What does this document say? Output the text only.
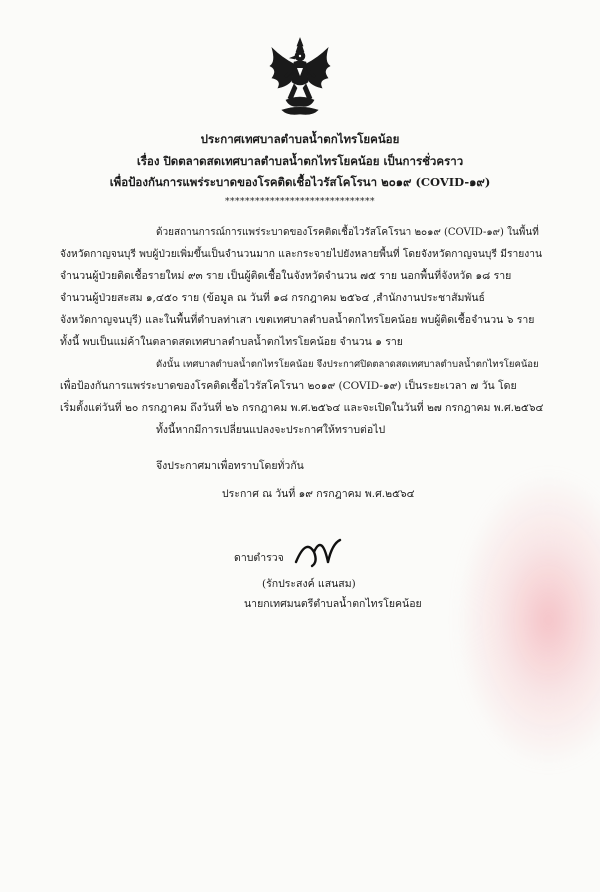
ประกาศเทศบาลตำบลน้ำตกไทรโยคน้อย
เรื่อง ปิดตลาดสดเทศบาลตำบลน้ำตกไทรโยคน้อย เป็นการชั่วคราว
เพื่อป้องกันการแพร่ระบาดของโรคติดเชื้อไวรัสโคโรนา ๒๐๑๙ (COVID-๑๙)
******************************
ด้วยสถานการณ์การแพร่ระบาดของโรคติดเชื้อไวรัสโคโรนา ๒๐๑๙ (COVID-๑๙) ในพื้นที่
จังหวัดกาญจนบุรี พบผู้ป่วยเพิ่มขึ้นเป็นจำนวนมาก และกระจายไปยังหลายพื้นที่ โดยจังหวัดกาญจนบุรี มีรายงาน
จำนวนผู้ป่วยติดเชื้อรายใหม่ ๙๓ ราย เป็นผู้ติดเชื้อในจังหวัดจำนวน ๗๕ ราย นอกพื้นที่จังหวัด ๑๘ ราย
จำนวนผู้ป่วยสะสม ๑,๔๕๐ ราย (ข้อมูล ณ วันที่ ๑๘ กรกฎาคม ๒๕๖๔ ,สำนักงานประชาสัมพันธ์
จังหวัดกาญจนบุรี) และในพื้นที่ตำบลท่าเสา เขตเทศบาลตำบลน้ำตกไทรโยคน้อย พบผู้ติดเชื้อจำนวน ๖ ราย
ทั้งนี้ พบเป็นแม่ค้าในตลาดสดเทศบาลตำบลน้ำตกไทรโยคน้อย จำนวน ๑ ราย
ดังนั้น เทศบาลตำบลน้ำตกไทรโยคน้อย จึงประกาศปิดตลาดสดเทศบาลตำบลน้ำตกไทรโยคน้อย
เพื่อป้องกันการแพร่ระบาดของโรคติดเชื้อไวรัสโคโรนา ๒๐๑๙ (COVID-๑๙) เป็นระยะเวลา ๗ วัน โดย
เริ่มตั้งแต่วันที่ ๒๐ กรกฎาคม ถึงวันที่ ๒๖ กรกฎาคม พ.ศ.๒๕๖๔ และจะเปิดในวันที่ ๒๗ กรกฎาคม พ.ศ.๒๕๖๔
ทั้งนี้หากมีการเปลี่ยนแปลงจะประกาศให้ทราบต่อไป
จึงประกาศมาเพื่อทราบโดยทั่วกัน
ประกาศ ณ วันที่ ๑๙ กรกฎาคม พ.ศ.๒๕๖๔
ดาบตำรวจ
(รักประสงค์ แสนสม)
นายกเทศมนตรีตำบลน้ำตกไทรโยคน้อย
